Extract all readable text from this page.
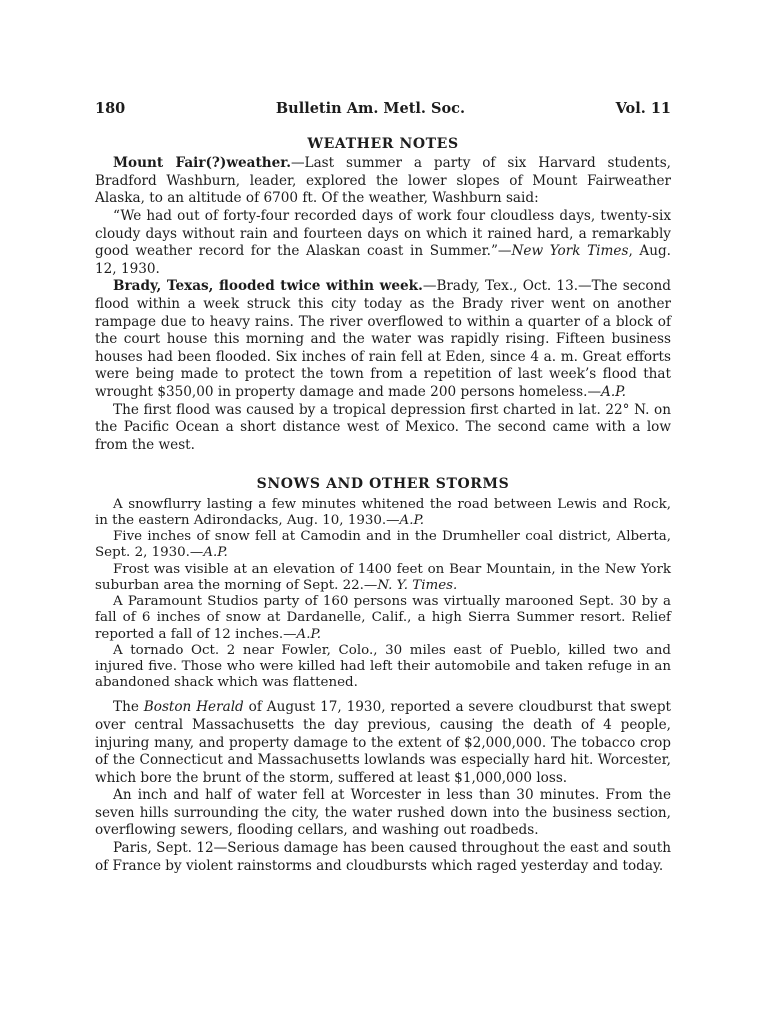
180	Bulletin Am. Metl. Soc.	Vol. 11
WEATHER NOTES

Mount Fair(?)weather.—Last summer a party of six Harvard students, Bradford Washburn, leader, explored the lower slopes of Mount Fairweather Alaska, to an altitude of 6700 ft. Of the weather, Washburn said:

“We had out of forty-four recorded days of work four cloudless days, twenty-six cloudy days without rain and fourteen days on which it rained hard, a remarkably good weather record for the Alaskan coast in Summer.”—New York Times, Aug. 12, 1930.

Brady, Texas, flooded twice within week.—Brady, Tex., Oct. 13.—The second flood within a week struck this city today as the Brady river went on another rampage due to heavy rains. The river overflowed to within a quarter of a block of the court house this morning and the water was rapidly rising. Fifteen business houses had been flooded. Six inches of rain fell at Eden, since 4 a. m. Great efforts were being made to protect the town from a repetition of last week’s flood that wrought $350,00 in property damage and made 200 persons homeless.—A.P.

The first flood was caused by a tropical depression first charted in lat. 22° N. on the Pacific Ocean a short distance west of Mexico. The second came with a low from the west.

SNOWS AND OTHER STORMS

A snowflurry lasting a few minutes whitened the road between Lewis and Rock, in the eastern Adirondacks, Aug. 10, 1930.—A.P.

Five inches of snow fell at Camodin and in the Drumheller coal district, Alberta, Sept. 2, 1930.—A.P.

Frost was visible at an elevation of 1400 feet on Bear Mountain, in the New York suburban area the morning of Sept. 22.—N. Y. Times.

A Paramount Studios party of 160 persons was virtually marooned Sept. 30 by a fall of 6 inches of snow at Dardanelle, Calif., a high Sierra Summer resort. Relief reported a fall of 12 inches.—A.P.

A tornado Oct. 2 near Fowler, Colo., 30 miles east of Pueblo, killed two and injured five. Those who were killed had left their automobile and taken refuge in an abandoned shack which was flattened.

The Boston Herald of August 17, 1930, reported a severe cloudburst that swept over central Massachusetts the day previous, causing the death of 4 people, injuring many, and property damage to the extent of $2,000,000. The tobacco crop of the Connecticut and Massachusetts lowlands was especially hard hit. Worcester, which bore the brunt of the storm, suffered at least $1,000,000 loss.

An inch and half of water fell at Worcester in less than 30 minutes. From the seven hills surrounding the city, the water rushed down into the business section, overflowing sewers, flooding cellars, and washing out roadbeds.

Paris, Sept. 12—Serious damage has been caused throughout the east and south of France by violent rainstorms and cloudbursts which raged yesterday and today.
